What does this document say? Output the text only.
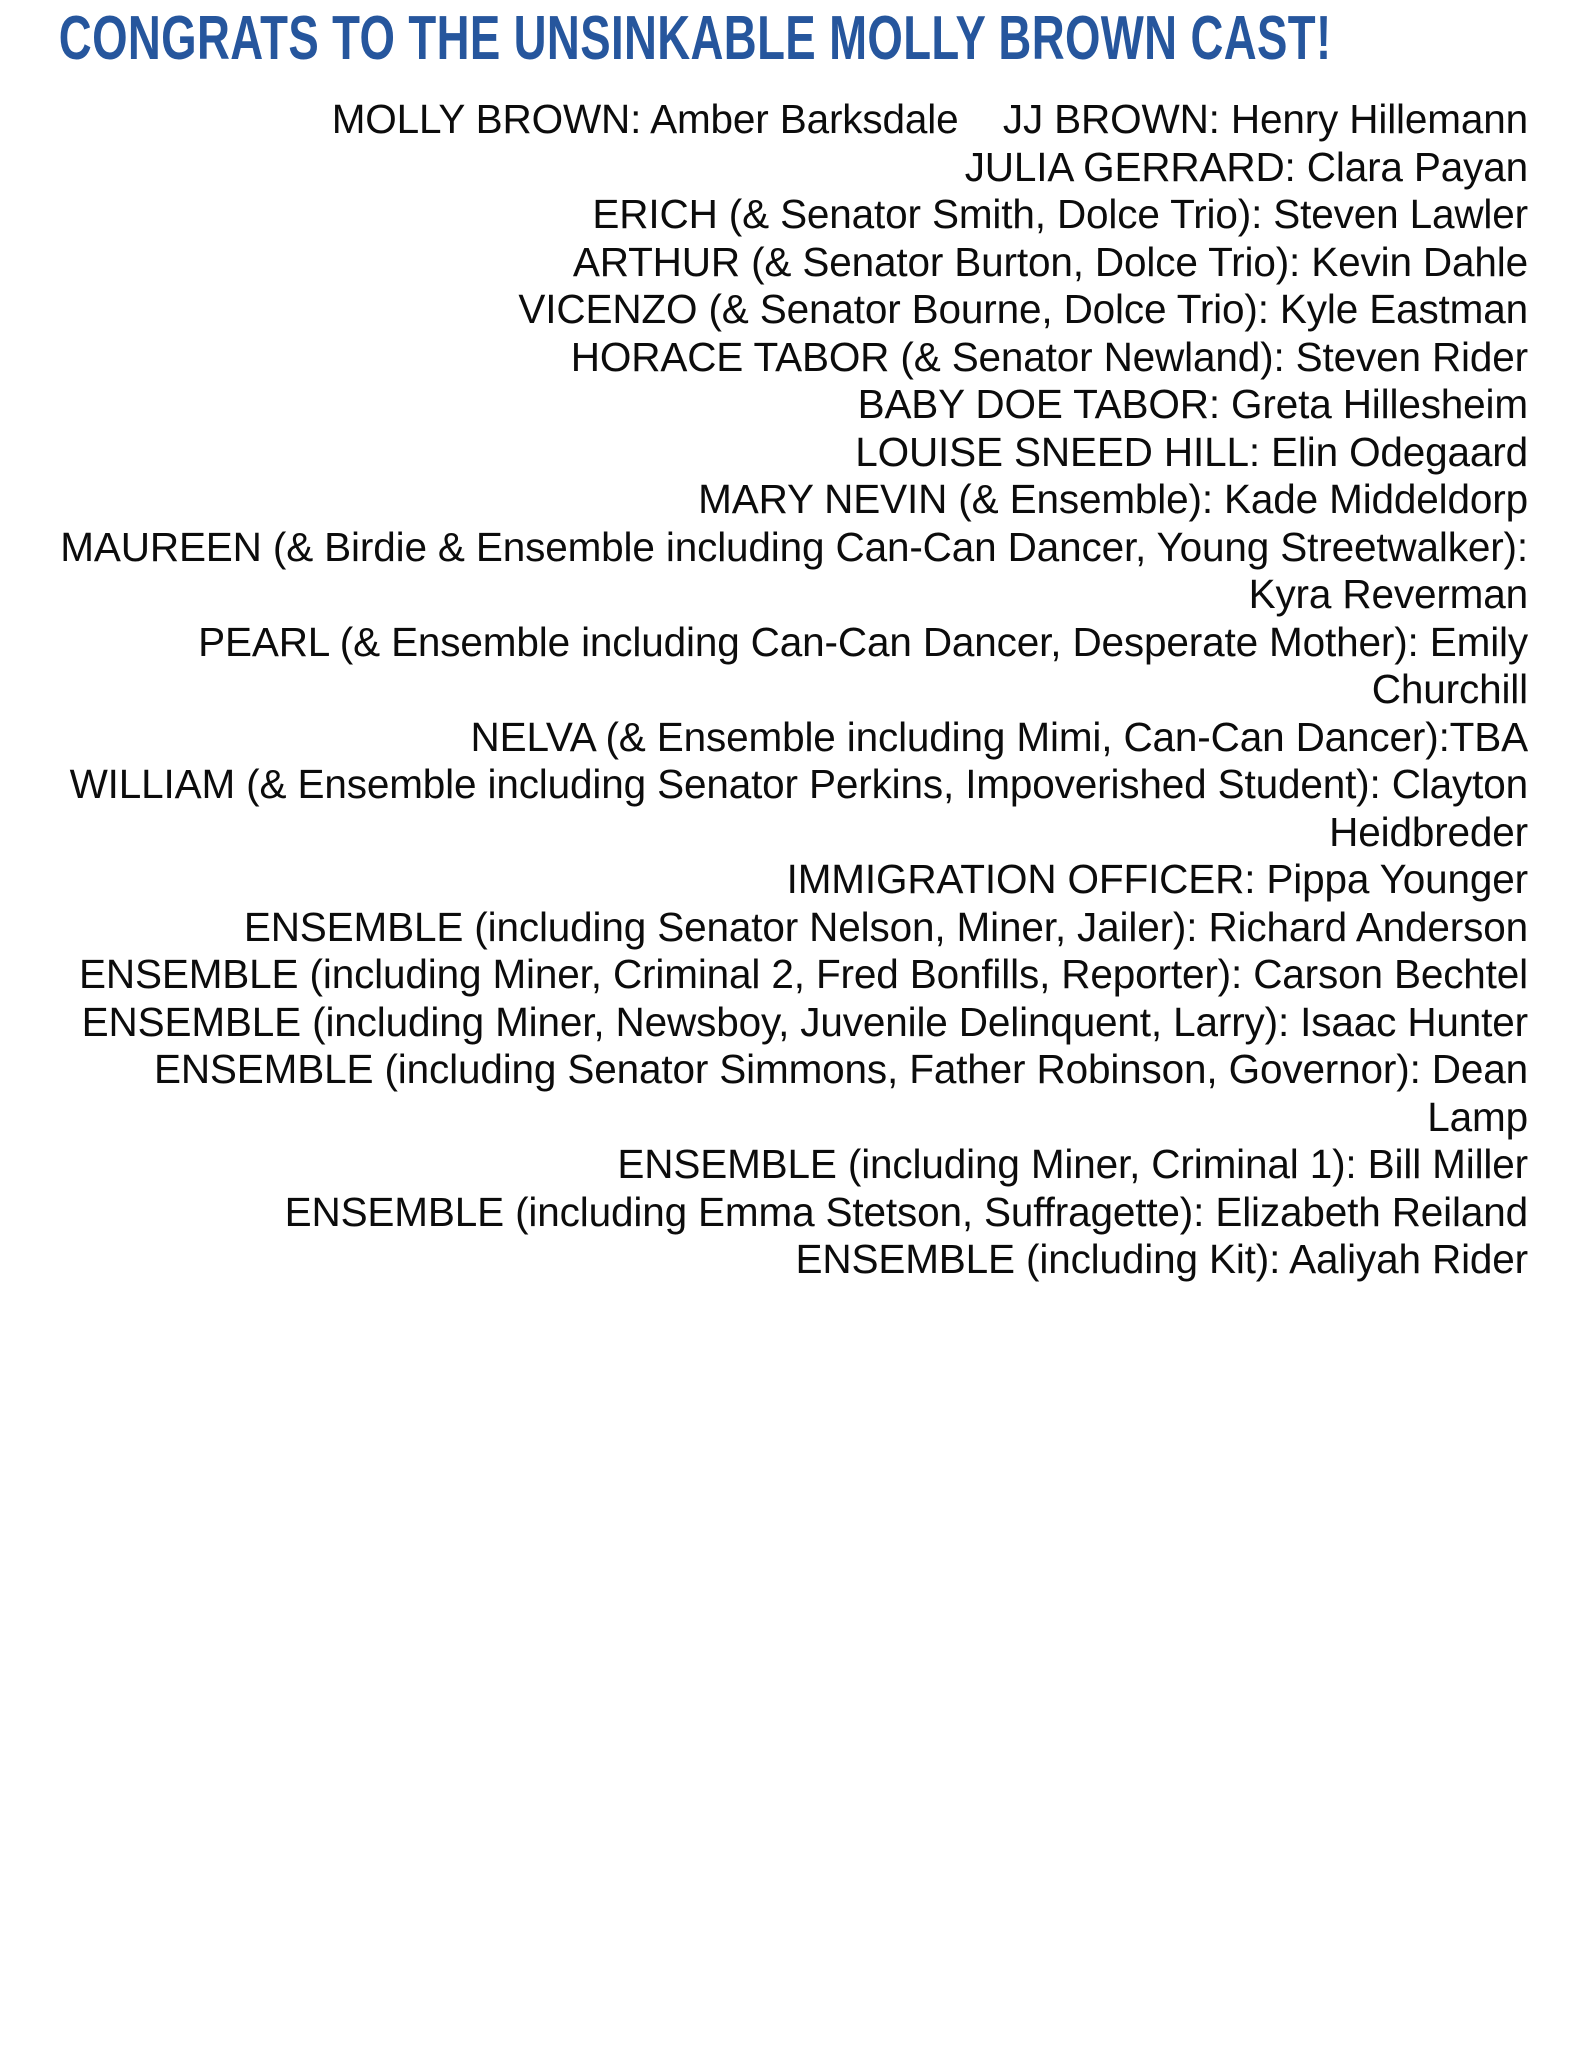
CONGRATS TO THE UNSINKABLE MOLLY BROWN CAST!

MOLLY BROWN: Amber Barksdale    JJ BROWN: Henry Hillemann

JULIA GERRARD: Clara Payan

ERICH (& Senator Smith, Dolce Trio): Steven Lawler

ARTHUR (& Senator Burton, Dolce Trio): Kevin Dahle

VICENZO (& Senator Bourne, Dolce Trio): Kyle Eastman

HORACE TABOR (& Senator Newland): Steven Rider

BABY DOE TABOR: Greta Hillesheim

LOUISE SNEED HILL: Elin Odegaard

MARY NEVIN (& Ensemble): Kade Middeldorp

MAUREEN (& Birdie & Ensemble including Can-Can Dancer, Young Streetwalker): Kyra Reverman

PEARL (& Ensemble including Can-Can Dancer, Desperate Mother): Emily Churchill

NELVA (& Ensemble including Mimi, Can-Can Dancer):TBA

WILLIAM (& Ensemble including Senator Perkins, Impoverished Student): Clayton Heidbreder

IMMIGRATION OFFICER: Pippa Younger

ENSEMBLE (including Senator Nelson, Miner, Jailer): Richard Anderson

ENSEMBLE (including Miner, Criminal 2, Fred Bonfills, Reporter): Carson Bechtel

ENSEMBLE (including Miner, Newsboy, Juvenile Delinquent, Larry): Isaac Hunter

ENSEMBLE (including Senator Simmons, Father Robinson, Governor): Dean Lamp

ENSEMBLE (including Miner, Criminal 1): Bill Miller

ENSEMBLE (including Emma Stetson, Suffragette): Elizabeth Reiland

ENSEMBLE (including Kit): Aaliyah Rider
